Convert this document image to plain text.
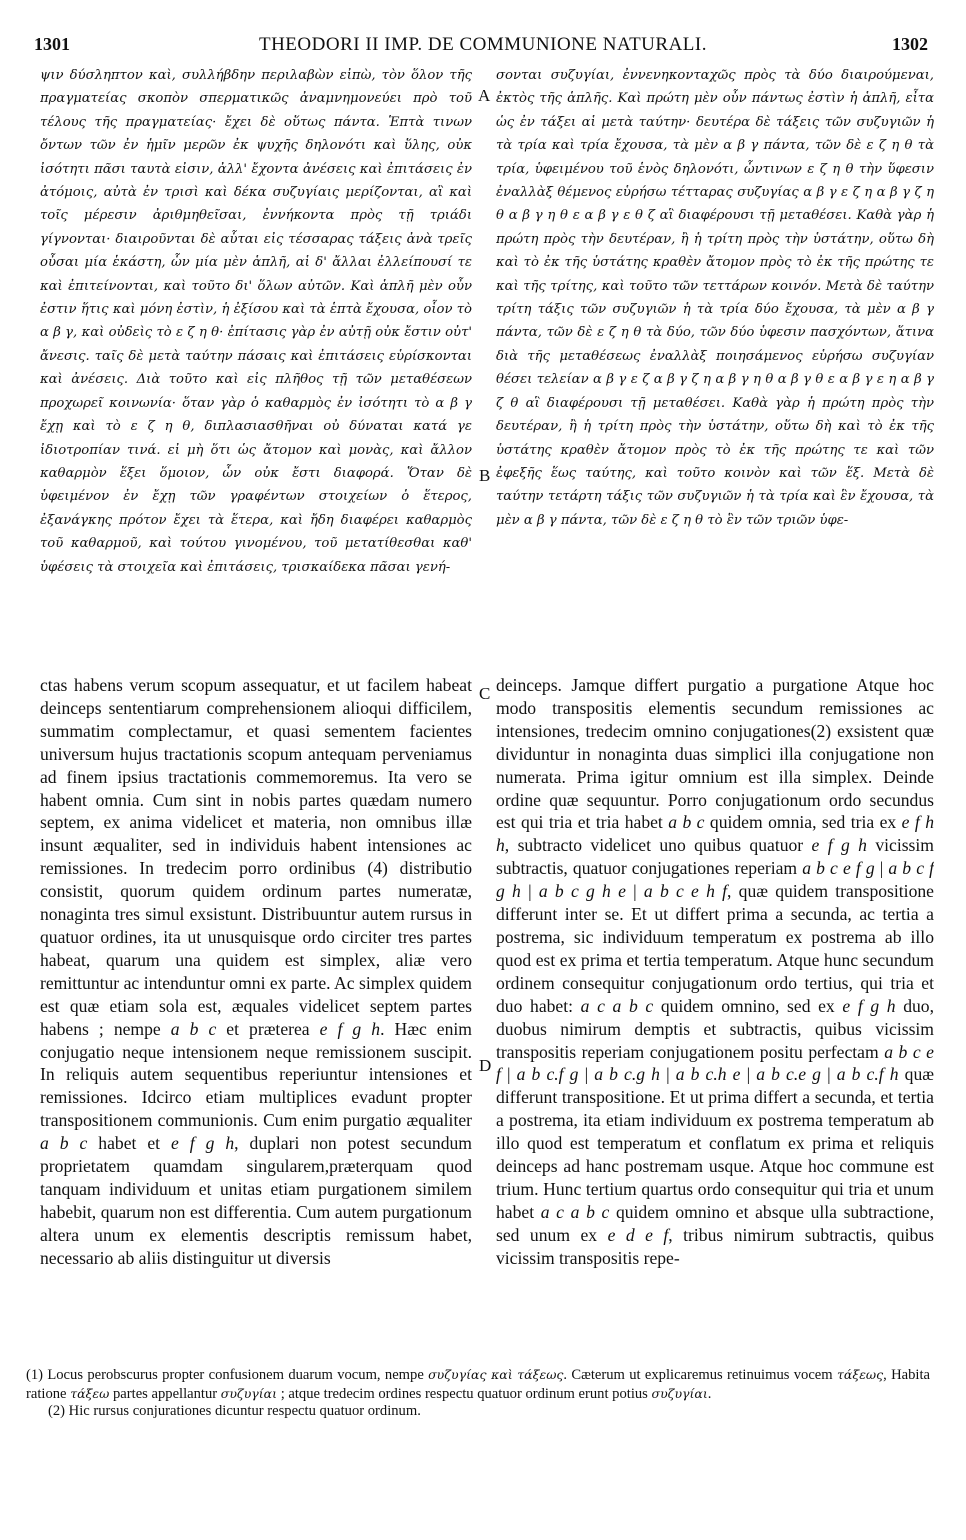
1301	THEODORI II IMP. DE COMMUNIONE NATURALI.	1302

ψιν δύσληπτον καὶ, συλλήβδην περιλαβὼν εἰπὼ, τὸν ὅλον τῆς πραγματείας σκοπὸν σπερματικῶς ἀναμνημονεύει πρὸ τοῦ τέλους τῆς πραγματείας· ἔχει δὲ οὕτως πάντα. Ἑπτὰ τινων ὄντων τῶν ἐν ἡμῖν μερῶν ἐκ ψυχῆς δηλονότι καὶ ὕλης, οὐκ ἰσότητι πᾶσι ταυτὰ εἰσιν, ἀλλ' ἔχοντα ἀνέσεις καὶ ἐπιτάσεις ἐν ἀτόμοις, αὐτὰ ἐν τρισὶ καὶ δέκα συζυγίαις μερίζονται, αἳ καὶ τοῖς μέρεσιν ἀριθμηθεῖσαι, ἐννήκοντα πρὸς τῇ τριάδι γίγνονται· διαιροῦνται δὲ αὗται εἰς τέσσαρας τάξεις ἀνὰ τρεῖς οὖσαι μία ἑκάστη, ὧν μία μὲν ἁπλῆ, αἱ δ' ἄλλαι ἐλλείπουσί τε καὶ ἐπιτείνονται, καὶ τοῦτο δι' ὅλων αὐτῶν. Καὶ ἁπλῆ μὲν οὖν ἐστιν ἥτις καὶ μόνη ἐστὶν, ἡ ἐξίσου καὶ τὰ ἑπτὰ ἔχουσα, οἷον τὸ α β γ, καὶ οὐδεὶς τὸ ε ζ η θ· ἐπίτασις γὰρ ἐν αὐτῇ οὐκ ἔστιν οὐτ' ἄνεσις. ταῖς δὲ μετὰ ταύτην πάσαις καὶ ἐπιτάσεις εὑρίσκονται καὶ ἀνέσεις. Διὰ τοῦτο καὶ εἰς πλῆθος τῇ τῶν μεταθέσεων προχωρεῖ κοινωνία· ὅταν γὰρ ὁ καθαρμὸς ἐν ἰσότητι τὸ α β γ ἔχῃ καὶ τὸ ε ζ η θ, διπλασιασθῆναι οὐ δύναται κατά γε ἰδιοτροπίαν τινά. εἰ μὴ ὅτι ὡς ἄτομον καὶ μονὰς, καὶ ἄλλον καθαρμὸν ἕξει ὅμοιον, ὧν οὐκ ἔστι διαφορά. Ὅταν δὲ ὑφειμένον ἐν ἔχῃ τῶν γραφέντων στοιχείων ὁ ἕτερος, ἐξανάγκης πρότον ἔχει τὰ ἕτερα, καὶ ἤδη διαφέρει καθαρμὸς τοῦ καθαρμοῦ, καὶ τούτου γινομένου, τοῦ μετατίθεσθαι καθ' ὑφέσεις τὰ στοιχεῖα καὶ ἐπιτάσεις, τρισκαίδεκα πᾶσαι γενή-

ctas habens verum scopum assequatur, et ut facilem habeat deinceps sententiarum comprehensionem alioqui difficilem, summatim complectamur, et quasi sementem facientes universum hujus tractationis scopum antequam perveniamus ad finem ipsius tractationis commemoremus. Ita vero se habent omnia. Cum sint in nobis partes quædam numero septem, ex anima videlicet et materia, non omnibus illæ insunt æqualiter, sed in individuis habent intensiones ac remissiones. In tredecim porro ordinibus (4) distributio consistit, quorum quidem ordinum partes numeratæ, nonaginta tres simul exsistunt. Distribuuntur autem rursus in quatuor ordines, ita ut unusquisque ordo circiter tres partes habeat, quarum una quidem est simplex, aliæ vero remittuntur ac intenduntur omni ex parte. Ac simplex quidem est quæ etiam sola est, æquales videlicet septem partes habens ; nempe a b c et præterea e f g h. Hæc enim conjugatio neque intensionem neque remissionem suscipit. In reliquis autem sequentibus reperiuntur intensiones et remissiones. Idcirco etiam multiplices evadunt propter transpositionem communionis. Cum enim purgatio æqualiter a b c habet et e f g h, duplari non potest secundum proprietatem quamdam singularem,præterquam quod tanquam individuum et unitas etiam purgationem similem habebit, quarum non est differentia. Cum autem purgationum altera unum ex elementis descriptis remissum habet, necessario ab aliis distinguitur ut diversis

A
B
C
D

σονται συζυγίαι, ἐννενηκονταχῶς πρὸς τὰ δύο διαιρούμεναι, ἐκτὸς τῆς ἁπλῆς. Καὶ πρώτη μὲν οὖν πάντως ἐστὶν ἡ ἁπλῆ, εἶτα ὡς ἐν τάξει αἱ μετὰ ταύτην· δευτέρα δὲ τάξεις τῶν συζυγιῶν ἡ τὰ τρία καὶ τρία ἔχουσα, τὰ μὲν α β γ πάντα, τῶν δὲ ε ζ η θ τὰ τρία, ὑφειμένου τοῦ ἑνὸς δηλονότι, ὧντινων ε ζ η θ τὴν ὕφεσιν ἐναλλὰξ θέμενος εὑρήσω τέτταρας συζυγίας α β γ ε ζ η α β γ ζ η θ α β γ η θ ε α β γ ε θ ζ αἳ διαφέρουσι τῇ μεταθέσει. Καθὰ γὰρ ἡ πρώτη πρὸς τὴν δευτέραν, ἢ ἡ τρίτη πρὸς τὴν ὑστάτην, οὕτω δὴ καὶ τὸ ἐκ τῆς ὑστάτης κραθὲν ἄτομον πρὸς τὸ ἐκ τῆς πρώτης τε καὶ τῆς τρίτης, καὶ τοῦτο τῶν τεττάρων κοινόν. Μετὰ δὲ ταύτην τρίτη τάξις τῶν συζυγιῶν ἡ τὰ τρία δύο ἔχουσα, τὰ μὲν α β γ πάντα, τῶν δὲ ε ζ η θ τὰ δύο, τῶν δύο ὑφεσιν πασχόντων, ἅτινα διὰ τῆς μεταθέσεως ἐναλλὰξ ποιησάμενος εὑρήσω συζυγίαν θέσει τελείαν α β γ ε ζ α β γ ζ η α β γ η θ α β γ θ ε α β γ ε η α β γ ζ θ αἳ διαφέρουσι τῇ μεταθέσει. Καθὰ γὰρ ἡ πρώτη πρὸς τὴν δευτέραν, ἢ ἡ τρίτη πρὸς τὴν ὑστάτην, οὕτω δὴ καὶ τὸ ἐκ τῆς ὑστάτης κραθὲν ἄτομον πρὸς τὸ ἐκ τῆς πρώτης τε καὶ τῶν ἐφεξῆς ἕως ταύτης, καὶ τοῦτο κοινὸν καὶ τῶν ἕξ. Μετὰ δὲ ταύτην τετάρτη τάξις τῶν συζυγιῶν ἡ τὰ τρία καὶ ἓν ἔχουσα, τὰ μὲν α β γ πάντα, τῶν δὲ ε ζ η θ τὸ ἓν τῶν τριῶν ὑφε-

deinceps. Jamque differt purgatio a purgatione Atque hoc modo transpositis elementis secundum remissiones ac intensiones, tredecim omnino conjugationes(2) exsistent quæ dividuntur in nonaginta duas simplici illa conjugatione non numerata. Prima igitur omnium est illa simplex. Deinde ordine quæ sequuntur. Porro conjugationum ordo secundus est qui tria et tria habet a b c quidem omnia, sed tria ex e f h h, subtracto videlicet uno quibus quatuor e f g h vicissim subtractis, quatuor conjugationes reperiam a b c e f g | a b c f g h | a b c g h e | a b c e h f, quæ quidem transpositione differunt inter se. Et ut differt prima a secunda, ac tertia a postrema, sic individuum temperatum ex postrema ab illo quod est ex prima et tertia temperatum. Atque hunc secundum ordinem consequitur conjugationum ordo tertius, qui tria et duo habet: a c a b c quidem omnino, sed ex e f g h duo, duobus nimirum demptis et subtractis, quibus vicissim transpositis reperiam conjugationem positu perfectam a b c e f | a b c.f g | a b c.g h | a b c.h e | a b c.e g | a b c.f h quæ differunt transpositione. Et ut prima differt a secunda, et tertia a postrema, ita etiam individuum ex postrema temperatum ab illo quod est temperatum et conflatum ex prima et reliquis deinceps ad hanc postremam usque. Atque hoc commune est trium. Hunc tertium quartus ordo consequitur qui tria et unum habet a c a b c quidem omnino et absque ulla subtractione, sed unum ex e d e f, tribus nimirum subtractis, quibus vicissim transpositis repe-

(1) Locus perobscurus propter confusionem duarum vocum, nempe συζυγίας καὶ τάξεως. Cæterum ut explicaremus retinuimus vocem τάξεως, Habita ratione τάξεω partes appellantur συζυγίαι ; atque tredecim ordines respectu quatuor ordinum erunt potius συζυγίαι.

(2) Hic rursus conjurationes dicuntur respectu quatuor ordinum.
